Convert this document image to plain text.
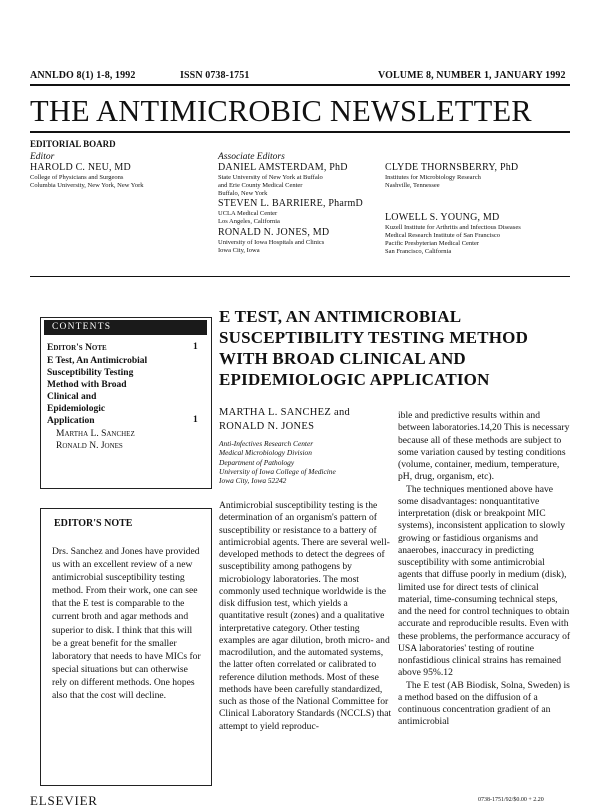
ANNLDO 8(1) 1-8, 1992	ISSN 0738-1751	VOLUME 8, NUMBER 1, JANUARY 1992
THE ANTIMICROBIC NEWSLETTER
EDITORIAL BOARD
Editor
HAROLD C. NEU, MD
College of Physicians and Surgeons
Columbia University, New York, New York
Associate Editors
DANIEL AMSTERDAM, PhD
State University of New York at Buffalo
and Erie County Medical Center
Buffalo, New York
STEVEN L. BARRIERE, PharmD
UCLA Medical Center
Los Angeles, California
RONALD N. JONES, MD
University of Iowa Hospitals and Clinics
Iowa City, Iowa
CLYDE THORNSBERRY, PhD
Institutes for Microbiology Research
Nashville, Tennessee
LOWELL S. YOUNG, MD
Kuzell Institute for Arthritis and Infectious Diseases
Medical Research Institute of San Francisco
Pacific Presbyterian Medical Center
San Francisco, California
CONTENTS
Editor's Note	1
E Test, An Antimicrobial
Susceptibility Testing
Method with Broad
Clinical and
Epidemiologic
Application	1
Martha L. Sanchez
Ronald N. Jones
EDITOR'S NOTE
Drs. Sanchez and Jones have provided us with an excellent review of a new antimicrobial susceptibility testing method. From their work, one can see that the E test is comparable to the current broth and agar methods and superior to disk. I think that this will be a great benefit for the smaller laboratory that needs to have MICs for special situations but can otherwise rely on different methods. One hopes also that the cost will decline.
E TEST, AN ANTIMICROBIAL
SUSCEPTIBILITY TESTING METHOD
WITH BROAD CLINICAL AND
EPIDEMIOLOGIC APPLICATION
MARTHA L. SANCHEZ and
RONALD N. JONES
Anti-Infectives Research Center
Medical Microbiology Division
Department of Pathology
University of Iowa College of Medicine
Iowa City, Iowa 52242

Antimicrobial susceptibility testing is the determination of an organism's pattern of susceptibility or resistance to a battery of antimicrobial agents. There are several well-developed methods to detect the degrees of susceptibility among pathogens by microbiology laboratories. The most commonly used technique worldwide is the disk diffusion test, which yields a quantitative result (zones) and a qualitative interpretative category. Other testing examples are agar dilution, broth micro- and macrodilution, and the automated systems, the latter often correlated or calibrated to reference dilution methods. Most of these methods have been carefully standardized, such as those of the National Committee for Clinical Laboratory Standards (NCCLS) that attempt to yield reproduc-

ible and predictive results within and between laboratories.14,20 This is necessary because all of these methods are subject to some variation caused by testing conditions (volume, container, medium, temperature, pH, drug, organism, etc).

The techniques mentioned above have some disadvantages: nonquantitative interpretation (disk or breakpoint MIC systems), inconsistent application to slowly growing or fastidious organisms and anaerobes, inaccuracy in predicting susceptibility with some antimicrobial agents that diffuse poorly in medium (disk), limited use for direct tests of clinical material, time-consuming technical steps, and the need for control techniques to obtain accurate and reproducible results. Even with these problems, the performance accuracy of USA laboratories' testing of routine nonfastidious clinical strains has remained above 95%.12

The E test (AB Biodisk, Solna, Sweden) is a method based on the diffusion of a continuous concentration gradient of an antimicrobial

ELSEVIER	0738-1751/92/$0.00 + 2.20
